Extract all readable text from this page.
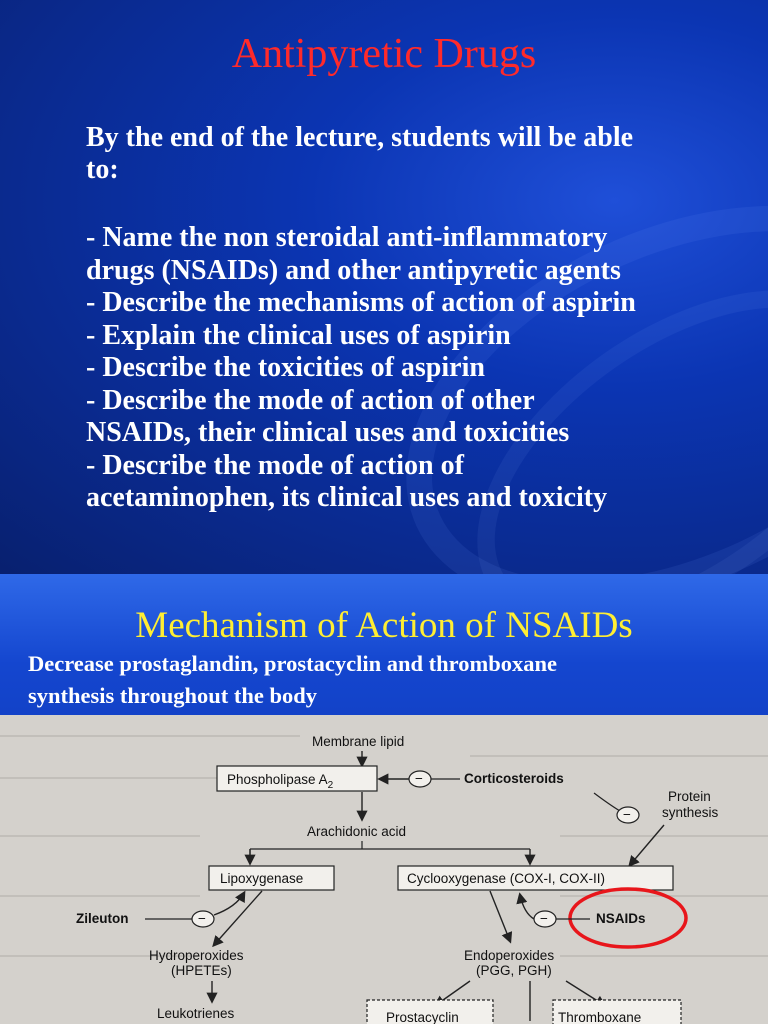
Antipyretic Drugs
By the end of the lecture, students will be able
to:
- Name the non steroidal anti-inflammatory
drugs (NSAIDs) and other antipyretic agents
- Describe the mechanisms of action of aspirin
- Explain the clinical uses of aspirin
- Describe the toxicities of aspirin
- Describe the mode of action of other
NSAIDs, their clinical uses and toxicities
- Describe the mode of action of
acetaminophen, its clinical uses and toxicity
Mechanism of Action of NSAIDs
Decrease prostaglandin, prostacyclin and thromboxane
synthesis throughout the body
Membrane lipid
Phospholipase $A_2$	Corticosteroids
−
−
Protein
synthesis
Arachidonic acid
Lipoxygenase	Cyclooxygenase (COX-I, COX-II)
Zileuton	−	NSAIDs
−
Hydroperoxides
(HPETEs)
Endoperoxides
(PGG, PGH)
Leukotrienes	Prostacyclin	Thromboxane
